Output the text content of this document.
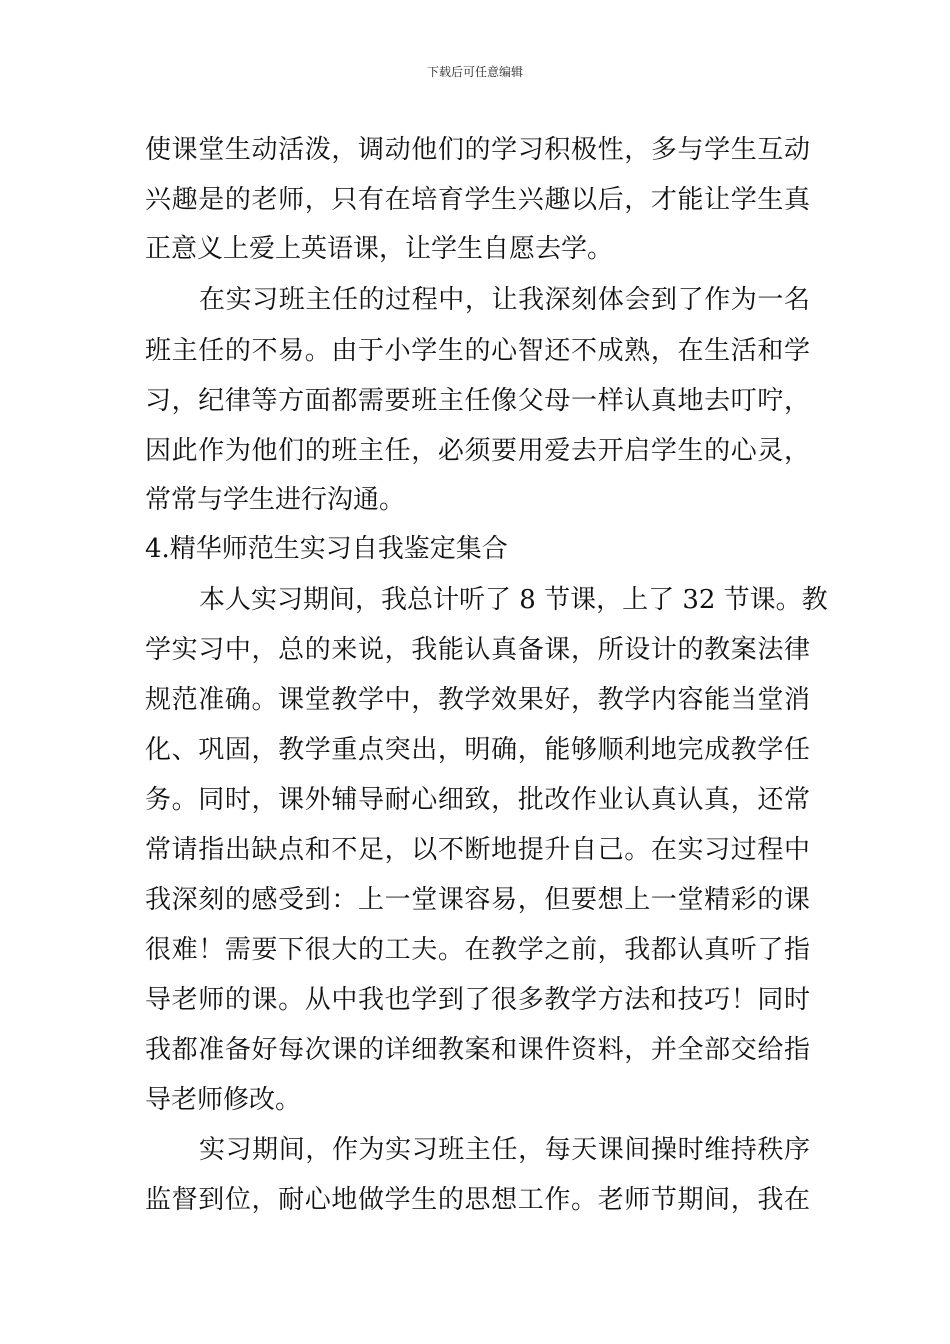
下载后可任意编辑
使课堂生动活泼，调动他们的学习积极性，多与学生互动
兴趣是的老师，只有在培育学生兴趣以后，才能让学生真
正意义上爱上英语课，让学生自愿去学。
在实习班主任的过程中，让我深刻体会到了作为一名
班主任的不易。由于小学生的心智还不成熟，在生活和学
习，纪律等方面都需要班主任像父母一样认真地去叮咛，
因此作为他们的班主任，必须要用爱去开启学生的心灵，
常常与学生进行沟通。
4.精华师范生实习自我鉴定集合
本人实习期间，我总计听了 8 节课，上了 32 节课。教
学实习中，总的来说，我能认真备课，所设计的教案法律
规范准确。课堂教学中，教学效果好，教学内容能当堂消
化、巩固，教学重点突出，明确，能够顺利地完成教学任
务。同时，课外辅导耐心细致，批改作业认真认真，还常
常请指出缺点和不足，以不断地提升自己。在实习过程中
我深刻的感受到：上一堂课容易，但要想上一堂精彩的课
很难！需要下很大的工夫。在教学之前，我都认真听了指
导老师的课。从中我也学到了很多教学方法和技巧！同时
我都准备好每次课的详细教案和课件资料，并全部交给指
导老师修改。
实习期间，作为实习班主任，每天课间操时维持秩序
监督到位，耐心地做学生的思想工作。老师节期间，我在
